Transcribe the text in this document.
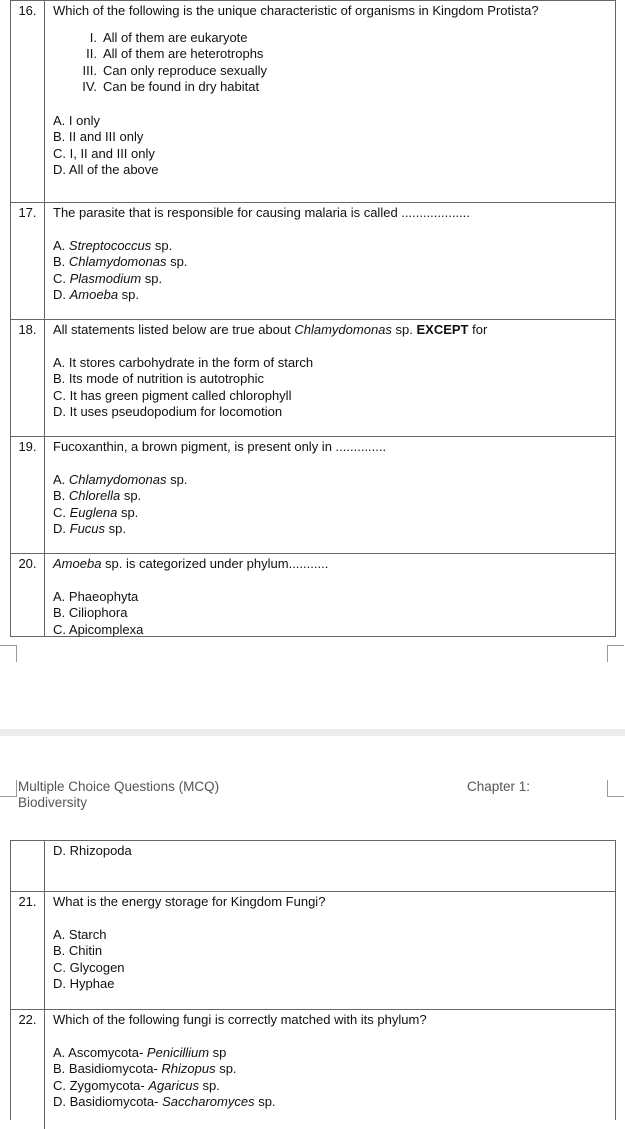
16.	Which of the following is the unique characteristic of organisms in Kingdom Protista?
I. All of them are eukaryote
II. All of them are heterotrophs
III. Can only reproduce sexually
IV. Can be found in dry habitat
A. I only
B. II and III only
C. I, II and III only
D. All of the above
17.	The parasite that is responsible for causing malaria is called ...................
A. Streptococcus sp.
B. Chlamydomonas sp.
C. Plasmodium sp.
D. Amoeba sp.
18.	All statements listed below are true about Chlamydomonas sp. EXCEPT for
A. It stores carbohydrate in the form of starch
B. Its mode of nutrition is autotrophic
C. It has green pigment called chlorophyll
D. It uses pseudopodium for locomotion
19.	Fucoxanthin, a brown pigment, is present only in ..............
A. Chlamydomonas sp.
B. Chlorella sp.
C. Euglena sp.
D. Fucus sp.
20.	Amoeba sp. is categorized under phylum...........
A. Phaeophyta
B. Ciliophora
C. Apicomplexa
Multiple Choice Questions (MCQ)
Biodiversity
Chapter 1:
D. Rhizopoda
21.	What is the energy storage for Kingdom Fungi?
A. Starch
B. Chitin
C. Glycogen
D. Hyphae
22.	Which of the following fungi is correctly matched with its phylum?
A. Ascomycota- Penicillium sp
B. Basidiomycota- Rhizopus sp.
C. Zygomycota- Agaricus sp.
D. Basidiomycota- Saccharomyces sp.
